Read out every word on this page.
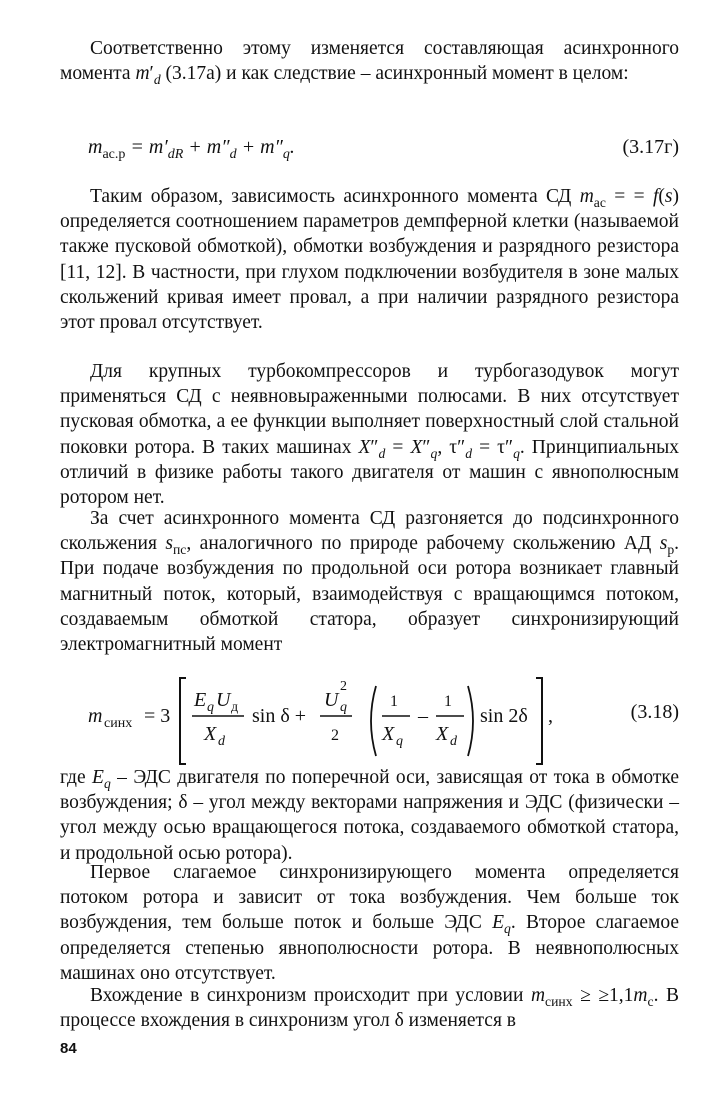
Соответственно этому изменяется составляющая асинхронного момента $m'_d$ (3.17а) и как следствие – асинхронный момент в целом:

$m_{ас.р} = m'_{dR} + m''_d + m''_q$.	(3.17г)

Таким образом, зависимость асинхронного момента СД $m_{ас}$ = = f(s) определяется соотношением параметров демпферной клетки (называемой также пусковой обмоткой), обмотки возбуждения и разрядного резистора [11, 12]. В частности, при глухом подключении возбудителя в зоне малых скольжений кривая имеет провал, а при наличии разрядного резистора этот провал отсутствует.

Для крупных турбокомпрессоров и турбогазодувок могут применяться СД с неявновыраженными полюсами. В них отсутствует пусковая обмотка, а ее функции выполняет поверхностный слой стальной поковки ротора. В таких машинах $X''_d = X''_q$, $\tau''_d = \tau''_q$. Принципиальных отличий в физике работы такого двигателя от машин с явнополюсным ротором нет.

За счет асинхронного момента СД разгоняется до подсинхронного скольжения $s_{пс}$, аналогичного по природе рабочему скольжению АД $s_р$. При подаче возбуждения по продольной оси ротора возникает главный магнитный поток, который, взаимодействуя с вращающимся потоком, создаваемым обмоткой статора, образует синхронизирующий электромагнитный момент

m синх = 3
E q U д
X d
sin δ +
U
2
q
2
1
X q
–
1
X d
sin 2δ ,	(3.18)

где $E_q$ – ЭДС двигателя по поперечной оси, зависящая от тока в обмотке возбуждения; δ – угол между векторами напряжения и ЭДС (физически – угол между осью вращающегося потока, создаваемого обмоткой статора, и продольной осью ротора).

Первое слагаемое синхронизирующего момента определяется потоком ротора и зависит от тока возбуждения. Чем больше ток возбуждения, тем больше поток и больше ЭДС $E_q$. Второе слагаемое определяется степенью явнополюсности ротора. В неявнополюсных машинах оно отсутствует.

Вхождение в синхронизм происходит при условии $m_{синх} \ge \ge 1,1m_с$. В процессе вхождения в синхронизм угол δ изменяется в

84
